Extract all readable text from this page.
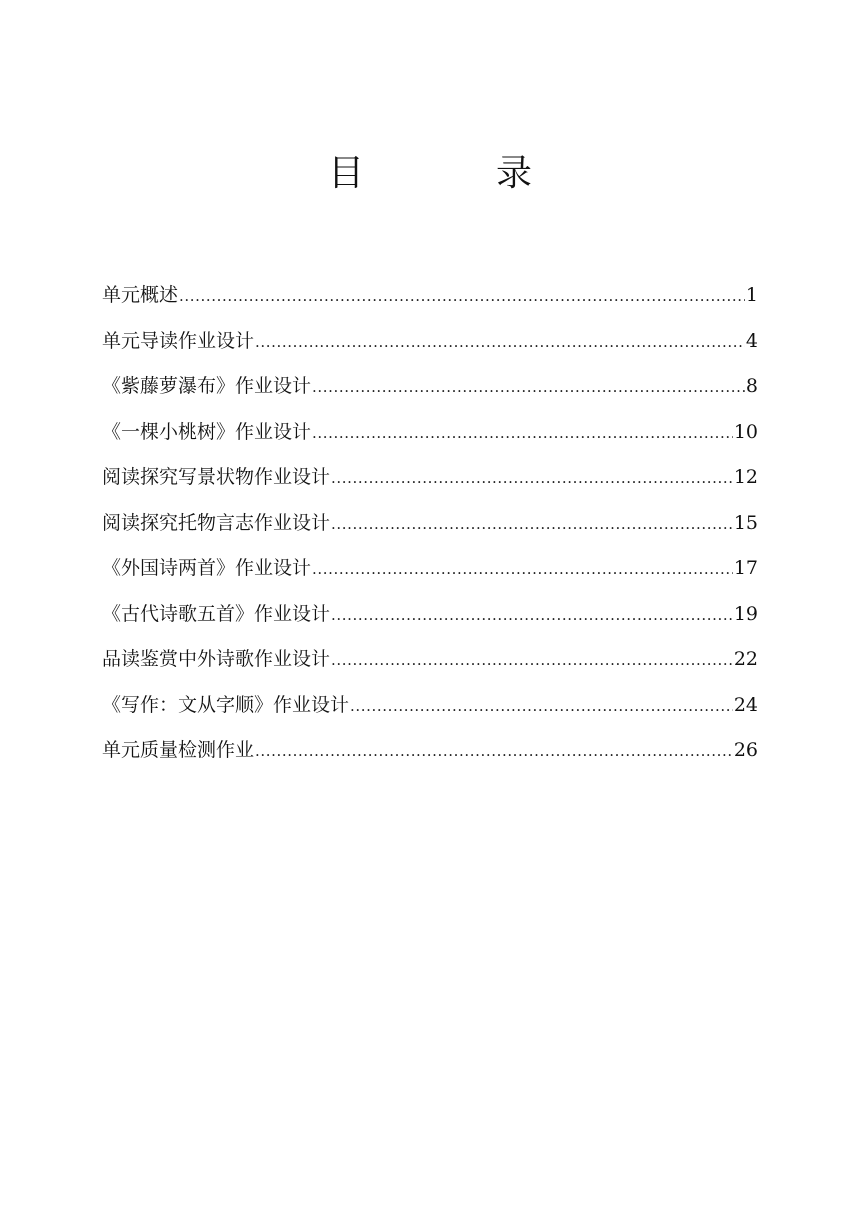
目　录
单元概述 .....	1
单元导读作业设计 .....	4
《紫藤萝瀑布》作业设计 .....	8
《一棵小桃树》作业设计 .....	10
阅读探究写景状物作业设计 .....	12
阅读探究托物言志作业设计 .....	15
《外国诗两首》作业设计 .....	17
《古代诗歌五首》作业设计 .....	19
品读鉴赏中外诗歌作业设计 .....	22
《写作：文从字顺》作业设计 .....	24
单元质量检测作业 .....	26
